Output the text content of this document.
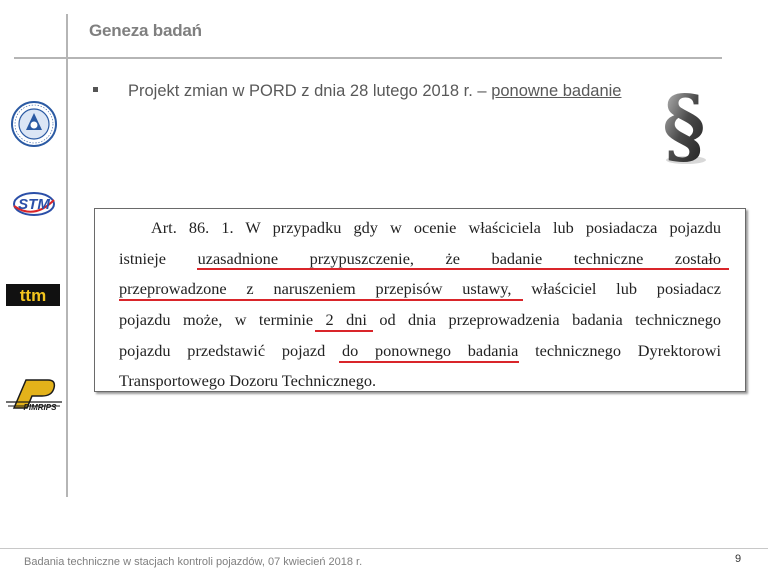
Geneza badań
Projekt zmian w PORD z dnia 28 lutego 2018 r. – ponowne badanie
STM
ttm
PIMRIPS
§
Art. 86. 1. W przypadku gdy w ocenie właściciela lub posiadacza pojazdu
istnieje uzasadnione przypuszczenie, że badanie techniczne zostało
przeprowadzone z naruszeniem przepisów ustawy, właściciel lub posiadacz
pojazdu może, w terminie 2 dni od dnia przeprowadzenia badania technicznego
pojazdu przedstawić pojazd do ponownego badania technicznego Dyrektorowi
Transportowego Dozoru Technicznego.
Badania techniczne w stacjach kontroli pojazdów, 07 kwiecień 2018 r.	9
